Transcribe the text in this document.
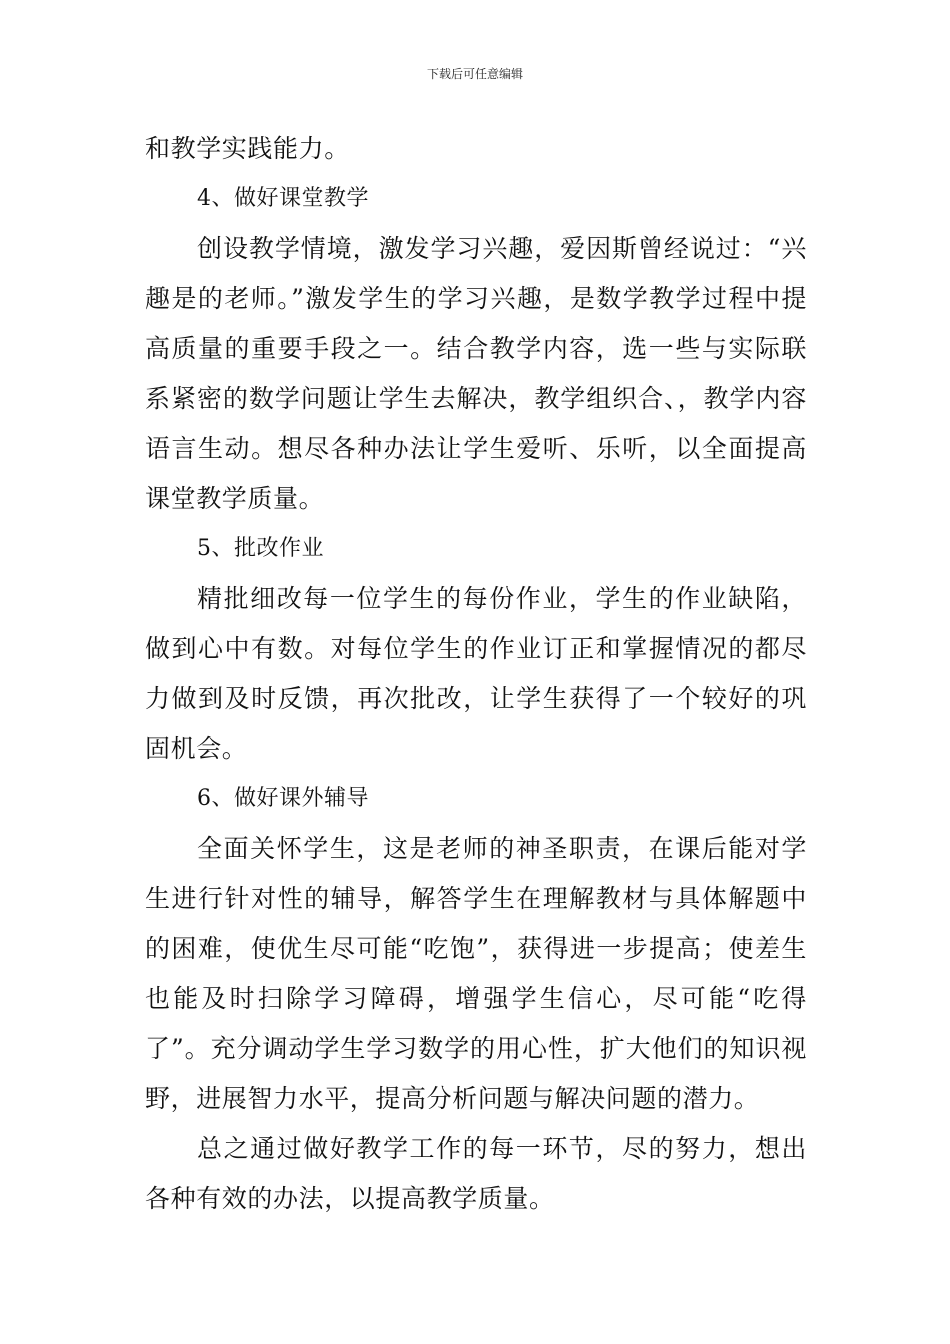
下载后可任意编辑

和教学实践能力。

4、做好课堂教学

创设教学情境，激发学习兴趣，爱因斯曾经说过：“兴趣是的老师。”激发学生的学习兴趣，是数学教学过程中提高质量的重要手段之一。结合教学内容，选一些与实际联系紧密的数学问题让学生去解决，教学组织合、，教学内容语言生动。想尽各种办法让学生爱听、乐听，以全面提高课堂教学质量。

5、批改作业

精批细改每一位学生的每份作业，学生的作业缺陷，做到心中有数。对每位学生的作业订正和掌握情况的都尽力做到及时反馈，再次批改，让学生获得了一个较好的巩固机会。

6、做好课外辅导

全面关怀学生，这是老师的神圣职责，在课后能对学生进行针对性的辅导，解答学生在理解教材与具体解题中的困难，使优生尽可能“吃饱”，获得进一步提高；使差生也能及时扫除学习障碍，增强学生信心，尽可能“吃得了”。充分调动学生学习数学的用心性，扩大他们的知识视野，进展智力水平，提高分析问题与解决问题的潜力。

总之通过做好教学工作的每一环节，尽的努力，想出各种有效的办法，以提高教学质量。
